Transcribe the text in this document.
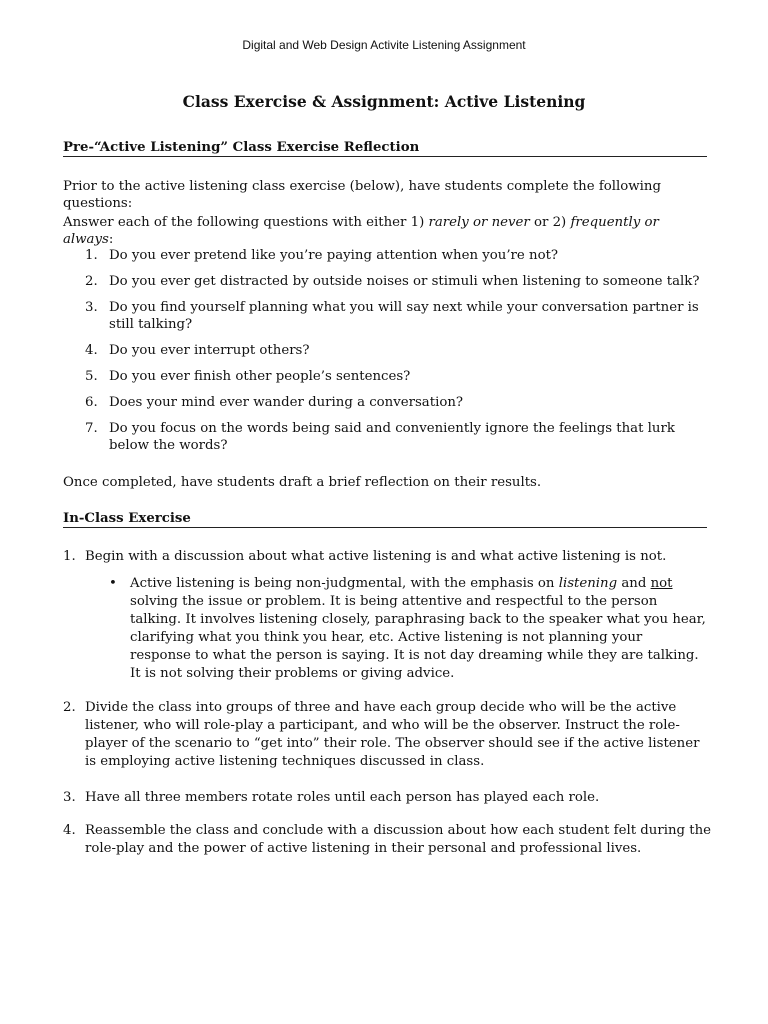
Digital and Web Design Activite Listening Assignment
Class Exercise & Assignment: Active Listening
Pre-“Active Listening” Class Exercise Reflection

Prior to the active listening class exercise (below), have students complete the following questions:

Answer each of the following questions with either 1) rarely or never or 2) frequently or always:

1. Do you ever pretend like you’re paying attention when you’re not?
2. Do you ever get distracted by outside noises or stimuli when listening to someone talk?
3. Do you find yourself planning what you will say next while your conversation partner is still talking?
4. Do you ever interrupt others?
5. Do you ever finish other people’s sentences?
6. Does your mind ever wander during a conversation?
7. Do you focus on the words being said and conveniently ignore the feelings that lurk below the words?

Once completed, have students draft a brief reflection on their results.

In-Class Exercise
1. Begin with a discussion about what active listening is and what active listening is not.
• Active listening is being non-judgmental, with the emphasis on listening and not solving the issue or problem. It is being attentive and respectful to the person talking. It involves listening closely, paraphrasing back to the speaker what you hear, clarifying what you think you hear, etc. Active listening is not planning your response to what the person is saying. It is not day dreaming while they are talking. It is not solving their problems or giving advice.
2. Divide the class into groups of three and have each group decide who will be the active listener, who will role-play a participant, and who will be the observer. Instruct the role-player of the scenario to “get into” their role. The observer should see if the active listener is employing active listening techniques discussed in class.
3. Have all three members rotate roles until each person has played each role.
4. Reassemble the class and conclude with a discussion about how each student felt during the role-play and the power of active listening in their personal and professional lives.
